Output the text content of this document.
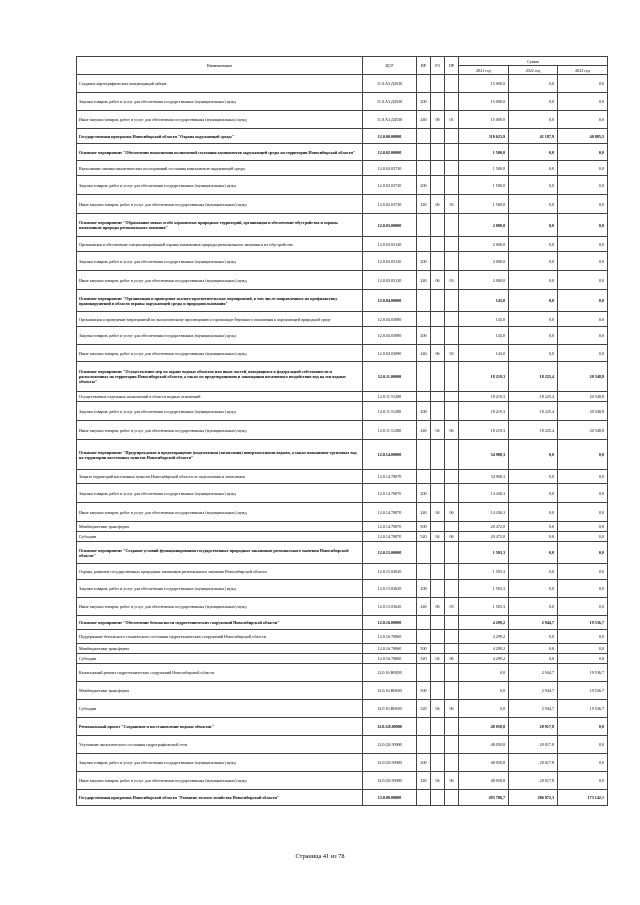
Наименование	ЦСР	ВР	РЗ	ПР	Сумма		
					2021 год	2022 год	2023 год
Создание картографических концентраций зайцев	11.0.А3.Д4530				15 000,0	0,0	0,0
Закупка товаров, работ и услуг для обеспечения государственных (муниципальных) нужд	11.0.А3.Д4530	200			15 000,0	0,0	0,0
Иные закупки товаров, работ и услуг для обеспечения государственных (муниципальных) нужд	11.0.А3.Д4530	240	08	01	15 000,0	0,0	0,0
Государственная программа Новосибирской области "Охрана окружающей среды"	12.0.00.00000				110 623,9	41 187,9	40 085,5
Основное мероприятие "Обеспечение выполнения полномочий состояния компонентов окружающей среды на территории Новосибирской области"	12.0.02.00000				1 500,0	0,0	0,0
Выполнение химико-аналитических исследований состояния компонентов окружающей среды	12.0.02.03730				1 500,0	0,0	0,0
Закупка товаров, работ и услуг для обеспечения государственных (муниципальных) нужд	12.0.02.03730	200			1 500,0	0,0	0,0
Иные закупки товаров, работ и услуг для обеспечения государственных (муниципальных) нужд	12.0.02.03730	240	06	03	1 500,0	0,0	0,0
Основное мероприятие "Образование новых особо охраняемых природных территорий, организация и обеспечение обустройства и охраны памятников природы регионального значения"	12.0.03.00000				2 000,0	0,0	0,0
Организация и обеспечение специализированной охраны памятников природы регионального значения и их обустройство	12.0.03.03120				2 000,0	0,0	0,0
Закупка товаров, работ и услуг для обеспечения государственных (муниципальных) нужд	12.0.03.03120	200			2 000,0	0,0	0,0
Иные закупки товаров, работ и услуг для обеспечения государственных (муниципальных) нужд	12.0.03.03120	240	06	03	2 000,0	0,0	0,0
Основное мероприятие "Организация и проведение эколого-просветительских мероприятий, в том числе направленных на профилактику правонарушений в области охраны окружающей среды и природопользования"	12.0.04.00000				143,0	0,0	0,0
Организация и проведение мероприятий по экологическому просвещению и пропаганде бережного отношения к окружающей природной среде	12.0.04.03090				143,0	0,0	0,0
Закупка товаров, работ и услуг для обеспечения государственных (муниципальных) нужд	12.0.04.03090	200			143,0	0,0	0,0
Иные закупки товаров, работ и услуг для обеспечения государственных (муниципальных) нужд	12.0.04.03090	240	06	03	143,0	0,0	0,0
Основное мероприятие "Осуществление мер по охране водных объектов или иных частей, находящихся в федеральной собственности и расположенных на территории Новосибирской области, а также по предотвращению и ликвидации негативного воздействия вод на эти водные объекты"	12.0.11.00000				18 219,3	18 225,4	20 548,8
Осуществление отдельных полномочий в области водных отношений	12.0.11.51280				18 219,3	18 225,4	20 548,8
Закупка товаров, работ и услуг для обеспечения государственных (муниципальных) нужд	12.0.11.51280	200			18 219,3	18 225,4	20 548,8
Иные закупки товаров, работ и услуг для обеспечения государственных (муниципальных) нужд	12.0.11.51280	240	04	06	18 219,3	18 225,4	20 548,8
Основное мероприятие "Предупреждение и предотвращение (подтопления (затопления) поверхностными водами, а также повышение грунтовых вод на территории населенных пунктов Новосибирской области"	12.0.14.00000				34 908,3	0,0	0,0
Защита территорий населенных пунктов Новосибирской области от подтопления и затопления	12.0.14.70870				34 908,3	0,0	0,0
Закупка товаров, работ и услуг для обеспечения государственных (муниципальных) нужд	12.0.14.70870	200			14 436,3	0,0	0,0
Иные закупки товаров, работ и услуг для обеспечения государственных (муниципальных) нужд	12.0.14.70870	240	04	06	14 436,3	0,0	0,0
Межбюджетные трансферты	12.0.14.70870	500			20 472,0	0,0	0,0
Субсидии	12.0.14.70870	520	04	06	20 472,0	0,0	0,0
Основное мероприятие "Создание условий функционирования государственных природных заказников регионального значения Новосибирской области"	12.0.15.00000				1 503,3	0,0	0,0
Охрана, развитие государственных природных заказников регионального значения Новосибирской области	12.0.15.03620				1 503,3	0,0	0,0
Закупка товаров, работ и услуг для обеспечения государственных (муниципальных) нужд	12.0.15.03620	200			1 503,3	0,0	0,0
Иные закупки товаров, работ и услуг для обеспечения государственных (муниципальных) нужд	12.0.15.03620	240	06	03	1 503,3	0,0	0,0
Основное мероприятие "Обеспечение безопасности гидротехнических сооружений Новосибирской области"	12.0.16.00000				4 299,2	2 944,7	19 536,7
Поддержание безопасного технического состояния гидротехнических сооружений Новосибирской области	12.0.16.70860				4 299,2	0,0	0,0
Межбюджетные трансферты	12.0.16.70860	500			4 299,2	0,0	0,0
Субсидии	12.0.16.70860	520	04	06	4 299,2	0,0	0,0
Капитальный ремонт гидротехнических сооружений Новосибирской области	12.0.16.Н0650				0,0	2 944,7	19 536,7
Межбюджетные трансферты	12.0.16.Н0650	500			0,0	2 944,7	19 536,7
Субсидии	12.0.16.Н0650	520	04	06	0,0	2 944,7	19 536,7
Региональный проект "Сохранение и восстановление водных объектов"	12.0.G8.00000				48 050,8	20 017,8	0,0
Улучшение экологического состояния гидрографической сети	12.0.G8.50900				48 050,8	20 017,8	0,0
Закупка товаров, работ и услуг для обеспечения государственных (муниципальных) нужд	12.0.G8.50900	200			48 050,8	20 017,8	0,0
Иные закупки товаров, работ и услуг для обеспечения государственных (муниципальных) нужд	12.0.G8.50900	240	04	06	48 050,8	20 017,8	0,0
Государственная программа Новосибирской области "Развитие лесного хозяйства Новосибирской области"	13.0.00.00000				283 786,7	286 072,3	173 142,1
Страница 41 из 78
